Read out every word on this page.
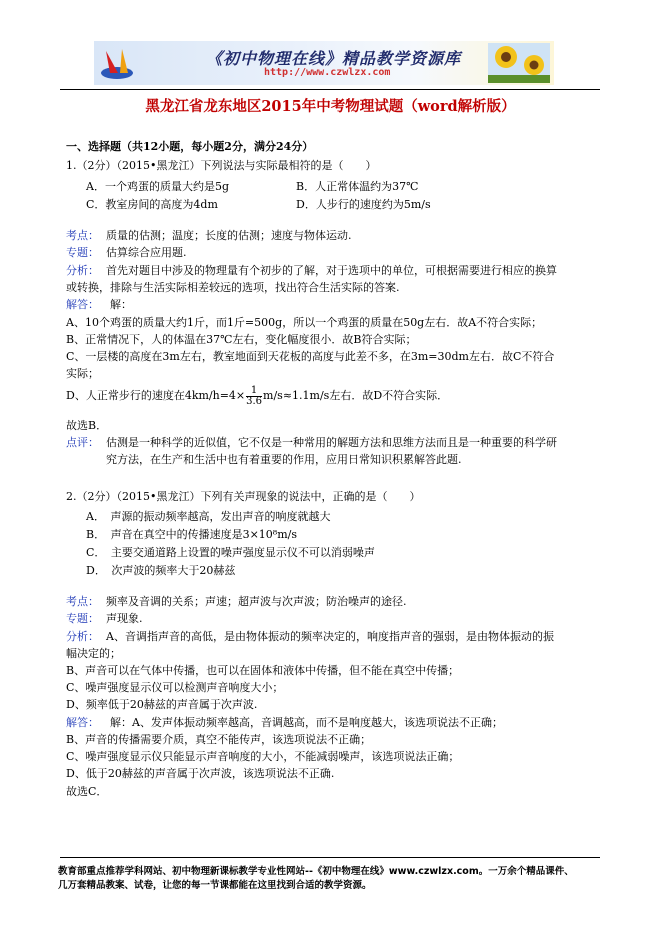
《初中物理在线》精品教学资源库
http://www.czwlzx.com
黑龙江省龙东地区2015年中考物理试题（word解析版）
一、选择题（共12小题，每小题2分，满分24分）
1.（2分）（2015•黑龙江）下列说法与实际最相符的是（　　）
A．一个鸡蛋的质量大约是5g	B．人正常体温约为37℃
C．教室房间的高度为4dm	D．人步行的速度约为5m/s
考点： 质量的估测；温度；长度的估测；速度与物体运动.
专题： 估算综合应用题.
分析： 首先对题目中涉及的物理量有个初步的了解，对于选项中的单位，可根据需要进行相应的换算
或转换，排除与生活实际相差较远的选项，找出符合生活实际的答案.
解答： 解：
A、10个鸡蛋的质量大约1斤，而1斤=500g，所以一个鸡蛋的质量在50g左右．故A不符合实际；
B、正常情况下，人的体温在37℃左右，变化幅度很小．故B符合实际；
C、一层楼的高度在3m左右，教室地面到天花板的高度与此差不多，在3m=30dm左右．故C不符合
实际；
D、人正常步行的速度在$4km/h=4\times \frac{1}{3.6} m/s\approx 1.1m/s$左右．故D不符合实际．
故选B．
点评： 估测是一种科学的近似值，它不仅是一种常用的解题方法和思维方法而且是一种重要的科学研
究方法，在生产和生活中也有着重要的作用，应用日常知识积累解答此题.
2.（2分）（2015•黑龙江）下列有关声现象的说法中，正确的是（　　）
A．　声源的振动频率越高，发出声音的响度就越大
B．　声音在真空中的传播速度是3×10⁸m/s
C．　主要交通道路上设置的噪声强度显示仪不可以消弱噪声
D．　次声波的频率大于20赫兹
考点： 频率及音调的关系；声速；超声波与次声波；防治噪声的途径.
专题： 声现象.
分析： A、音调指声音的高低，是由物体振动的频率决定的，响度指声音的强弱，是由物体振动的振
幅决定的；
B、声音可以在气体中传播，也可以在固体和液体中传播，但不能在真空中传播；
C、噪声强度显示仪可以检测声音响度大小；
D、频率低于20赫兹的声音属于次声波.
解答： 解：A、发声体振动频率越高，音调越高，而不是响度越大，该选项说法不正确；
B、声音的传播需要介质，真空不能传声，该选项说法不正确；
C、噪声强度显示仪只能显示声音响度的大小，不能减弱噪声，该选项说法正确；
D、低于20赫兹的声音属于次声波，该选项说法不正确.
故选C．
教育部重点推荐学科网站、初中物理新课标教学专业性网站--《初中物理在线》www.czwlzx.com。一万余个精品课件、
几万套精品教案、试卷，让您的每一节课都能在这里找到合适的教学资源。
